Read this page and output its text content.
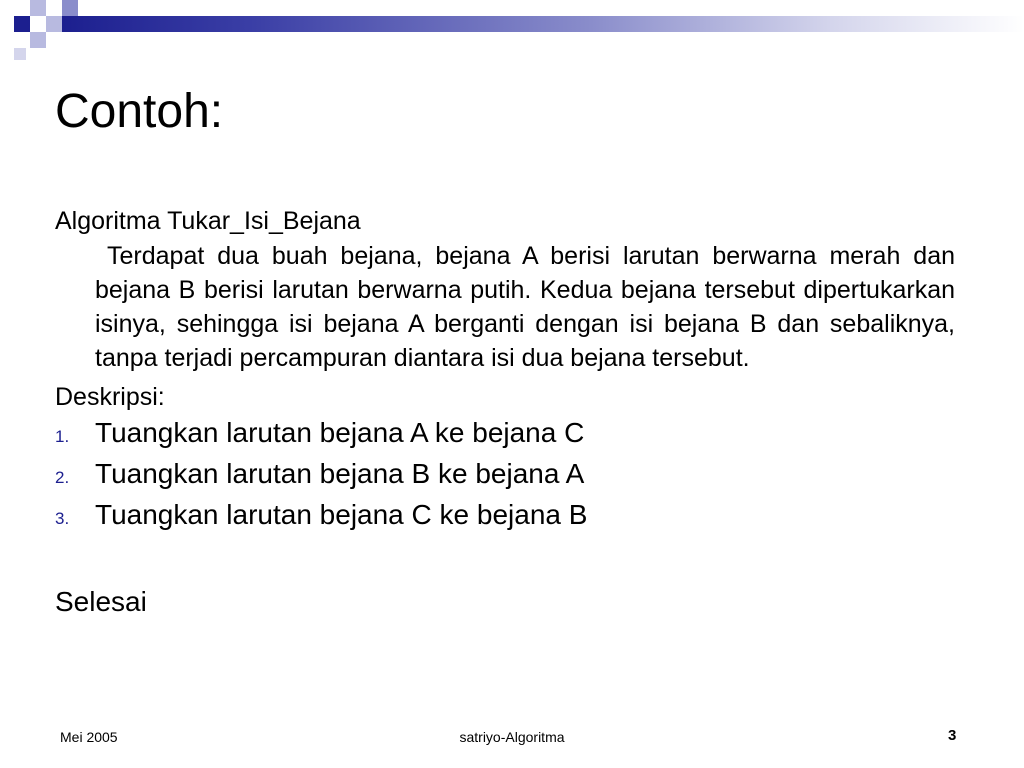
Contoh:

Algoritma Tukar_Isi_Bejana

Terdapat dua buah bejana, bejana A berisi larutan berwarna merah dan bejana B berisi larutan berwarna putih. Kedua bejana tersebut dipertukarkan isinya, sehingga isi bejana A berganti dengan isi bejana B dan sebaliknya, tanpa terjadi percampuran diantara isi dua bejana tersebut.

Deskripsi:

1. Tuangkan larutan bejana A ke bejana C
2. Tuangkan larutan bejana B ke bejana A
3. Tuangkan larutan bejana C ke bejana B

Selesai

Mei 2005	satriyo-Algoritma	3
